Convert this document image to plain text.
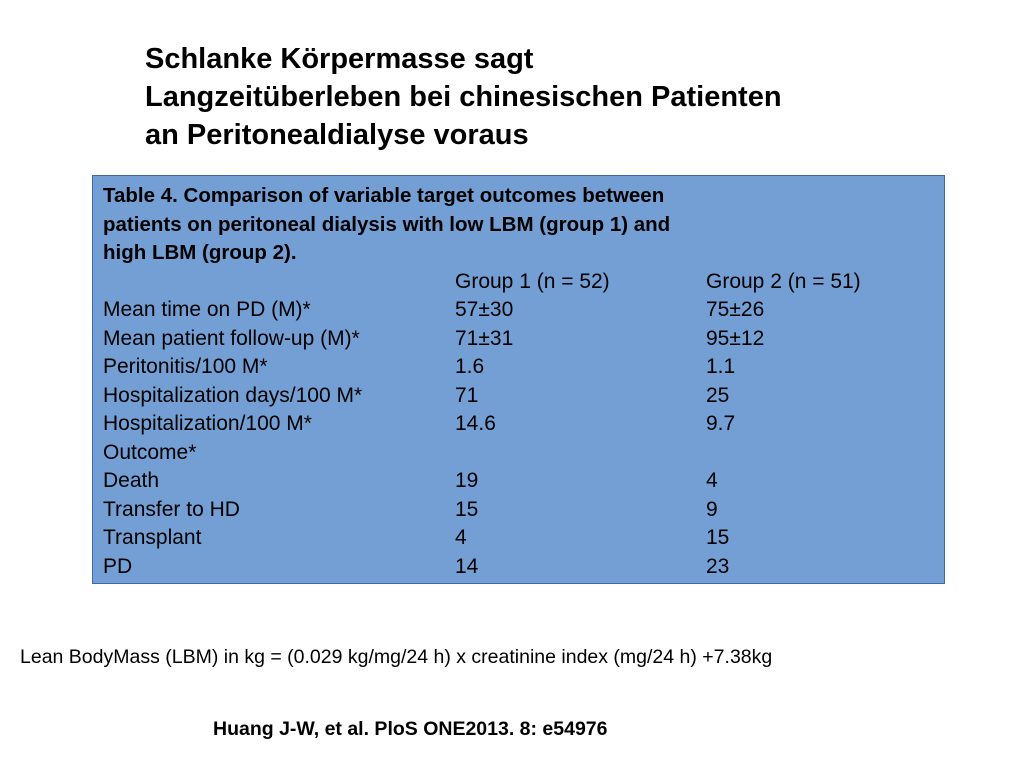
Schlanke Körpermasse sagt
Langzeitüberleben bei chinesischen Patienten
an Peritonealdialyse voraus

Table 4. Comparison of variable target outcomes between
patients on peritoneal dialysis with low LBM (group 1) and
high LBM (group 2).

	Group 1 (n = 52)	Group 2 (n = 51)
Mean time on PD (M)*	57±30	75±26
Mean patient follow-up (M)*	71±31	95±12
Peritonitis/100 M*	1.6	1.1
Hospitalization days/100 M*	71	25
Hospitalization/100 M*	14.6	9.7
Outcome*		
Death	19	4
Transfer to HD	15	9
Transplant	4	15
PD	14	23

Lean BodyMass (LBM) in kg = (0.029 kg/mg/24 h) x creatinine index (mg/24 h) +7.38kg

Huang J-W, et al. PloS ONE2013. 8: e54976
